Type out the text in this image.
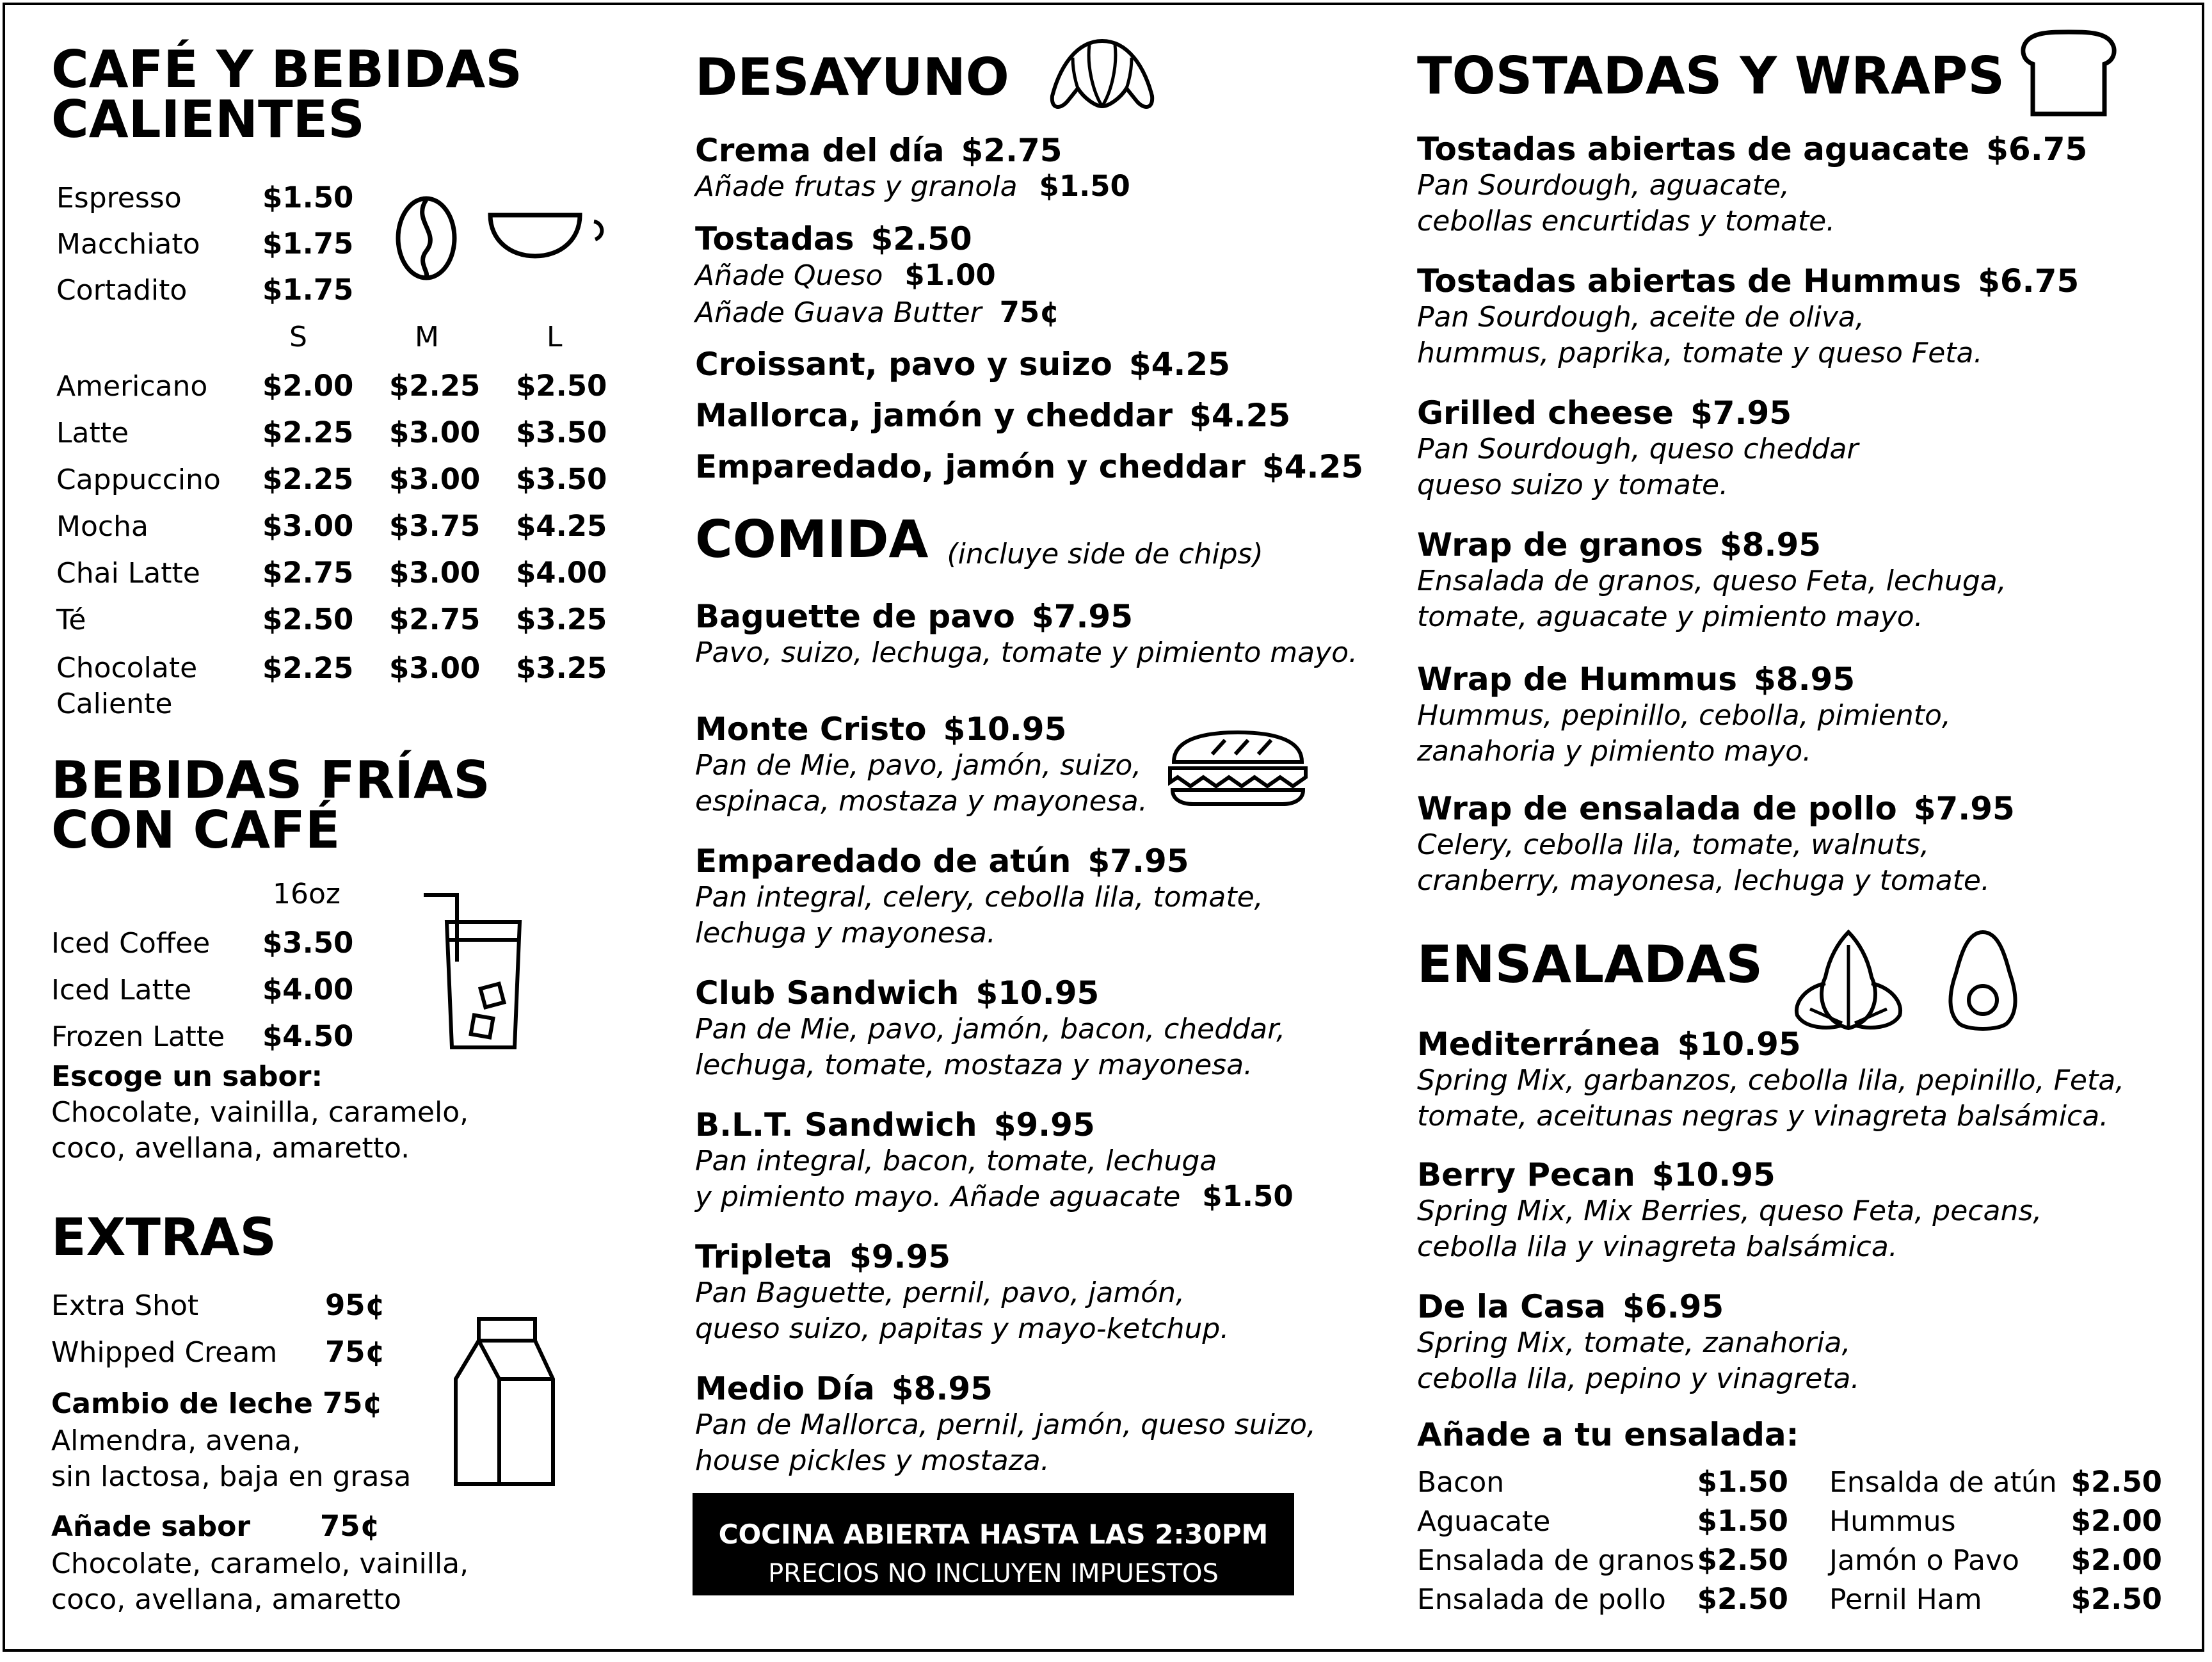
CAFÉ Y BEBIDAS
CALIENTES
Espresso	$1.50
Macchiato	$1.75
Cortadito	$1.75
S	M	L
Americano	$2.00	$2.25	$2.50
Latte	$2.25	$3.00	$3.50
Cappuccino	$2.25	$3.00	$3.50
Mocha	$3.00	$3.75	$4.25
Chai Latte	$2.75	$3.00	$4.00
Té	$2.50	$2.75	$3.25
Chocolate
Caliente
$2.25	$3.00	$3.25
BEBIDAS FRÍAS
CON CAFÉ
16oz
Iced Coffee	$3.50
Iced Latte	$4.00
Frozen Latte	$4.50
Escoge un sabor:
Chocolate, vainilla, caramelo,
coco, avellana, amaretto.
EXTRAS
Extra Shot	95¢
Whipped Cream	75¢
Cambio de leche 75¢
Almendra, avena,
sin lactosa, baja en grasa
Añade sabor	75¢
Chocolate, caramelo, vainilla,
coco, avellana, amaretto
DESAYUNO
Crema del día $2.75
Añade frutas y granola $1.50
Tostadas $2.50
Añade Queso $1.00
Añade Guava Butter 75¢
Croissant, pavo y suizo $4.25
Mallorca, jamón y cheddar $4.25
Emparedado, jamón y cheddar $4.25
COMIDA (incluye side de chips)
Baguette de pavo $7.95
Pavo, suizo, lechuga, tomate y pimiento mayo.
Monte Cristo $10.95
Pan de Mie, pavo, jamón, suizo,
espinaca, mostaza y mayonesa.
Emparedado de atún $7.95
Pan integral, celery, cebolla lila, tomate,
lechuga y mayonesa.
Club Sandwich $10.95
Pan de Mie, pavo, jamón, bacon, cheddar,
lechuga, tomate, mostaza y mayonesa.
B.L.T. Sandwich $9.95
Pan integral, bacon, tomate, lechuga
y pimiento mayo. Añade aguacate $1.50
Tripleta $9.95
Pan Baguette, pernil, pavo, jamón,
queso suizo, papitas y mayo-ketchup.
Medio Día $8.95
Pan de Mallorca, pernil, jamón, queso suizo,
house pickles y mostaza.
COCINA ABIERTA HASTA LAS 2:30PM
PRECIOS NO INCLUYEN IMPUESTOS
TOSTADAS Y WRAPS
Tostadas abiertas de aguacate $6.75
Pan Sourdough, aguacate,
cebollas encurtidas y tomate.
Tostadas abiertas de Hummus $6.75
Pan Sourdough, aceite de oliva,
hummus, paprika, tomate y queso Feta.
Grilled cheese $7.95
Pan Sourdough, queso cheddar
queso suizo y tomate.
Wrap de granos $8.95
Ensalada de granos, queso Feta, lechuga,
tomate, aguacate y pimiento mayo.
Wrap de Hummus $8.95
Hummus, pepinillo, cebolla, pimiento,
zanahoria y pimiento mayo.
Wrap de ensalada de pollo $7.95
Celery, cebolla lila, tomate, walnuts,
cranberry, mayonesa, lechuga y tomate.
ENSALADAS
Mediterránea $10.95
Spring Mix, garbanzos, cebolla lila, pepinillo, Feta,
tomate, aceitunas negras y vinagreta balsámica.
Berry Pecan $10.95
Spring Mix, Mix Berries, queso Feta, pecans,
cebolla lila y vinagreta balsámica.
De la Casa $6.95
Spring Mix, tomate, zanahoria,
cebolla lila, pepino y vinagreta.
Añade a tu ensalada:
Bacon	$1.50
Aguacate	$1.50
Ensalada de granos $2.50
Ensalada de pollo $2.50
Ensalda de atún $2.50
Hummus	$2.00
Jamón o Pavo $2.00
Pernil Ham	$2.50
